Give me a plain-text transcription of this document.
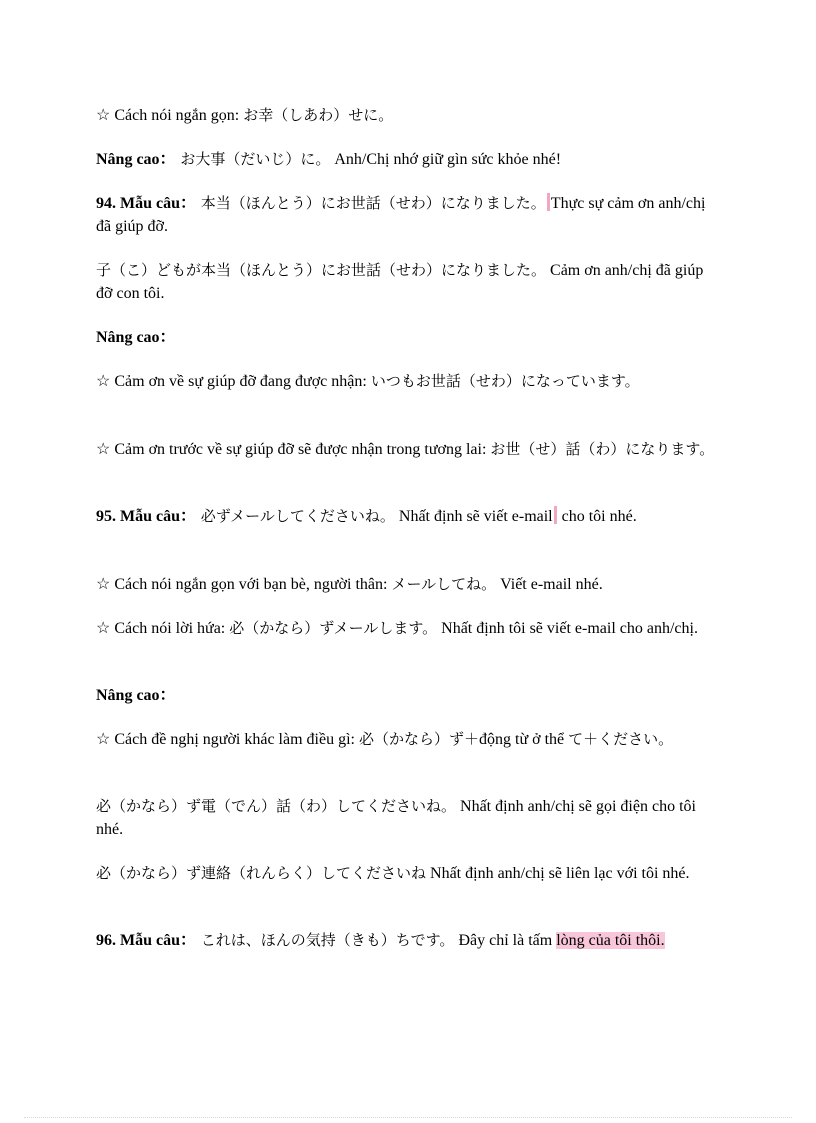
☆ Cách nói ngắn gọn: お幸（しあわ）せに。

Nâng cao： お大事（だいじ）に。 Anh/Chị nhớ giữ gìn sức khỏe nhé!

94. Mẫu câu： 本当（ほんとう）にお世話（せわ）になりました。 Thực sự cảm ơn anh/chị đã giúp đỡ.

子（こ）どもが本当（ほんとう）にお世話（せわ）になりました。 Cảm ơn anh/chị đã giúp đỡ con tôi.

Nâng cao：

☆ Cảm ơn về sự giúp đỡ đang được nhận: いつもお世話（せわ）になっています。

☆ Cảm ơn trước về sự giúp đỡ sẽ được nhận trong tương lai: お世（せ）話（わ）になります。

95. Mẫu câu： 必ずメールしてくださいね。 Nhất định sẽ viết e-mail cho tôi nhé.

☆ Cách nói ngắn gọn với bạn bè, người thân: メールしてね。 Viết e-mail nhé.

☆ Cách nói lời hứa: 必（かなら）ずメールします。 Nhất định tôi sẽ viết e-mail cho anh/chị.

Nâng cao：

☆ Cách đề nghị người khác làm điều gì: 必（かなら）ず＋động từ ở thể て＋ください。

必（かなら）ず電（でん）話（わ）してくださいね。 Nhất định anh/chị sẽ gọi điện cho tôi nhé.

必（かなら）ず連絡（れんらく）してくださいね Nhất định anh/chị sẽ liên lạc với tôi nhé.

96. Mẫu câu： これは、ほんの気持（きも）ちです。 Đây chỉ là tấm lòng của tôi thôi.
